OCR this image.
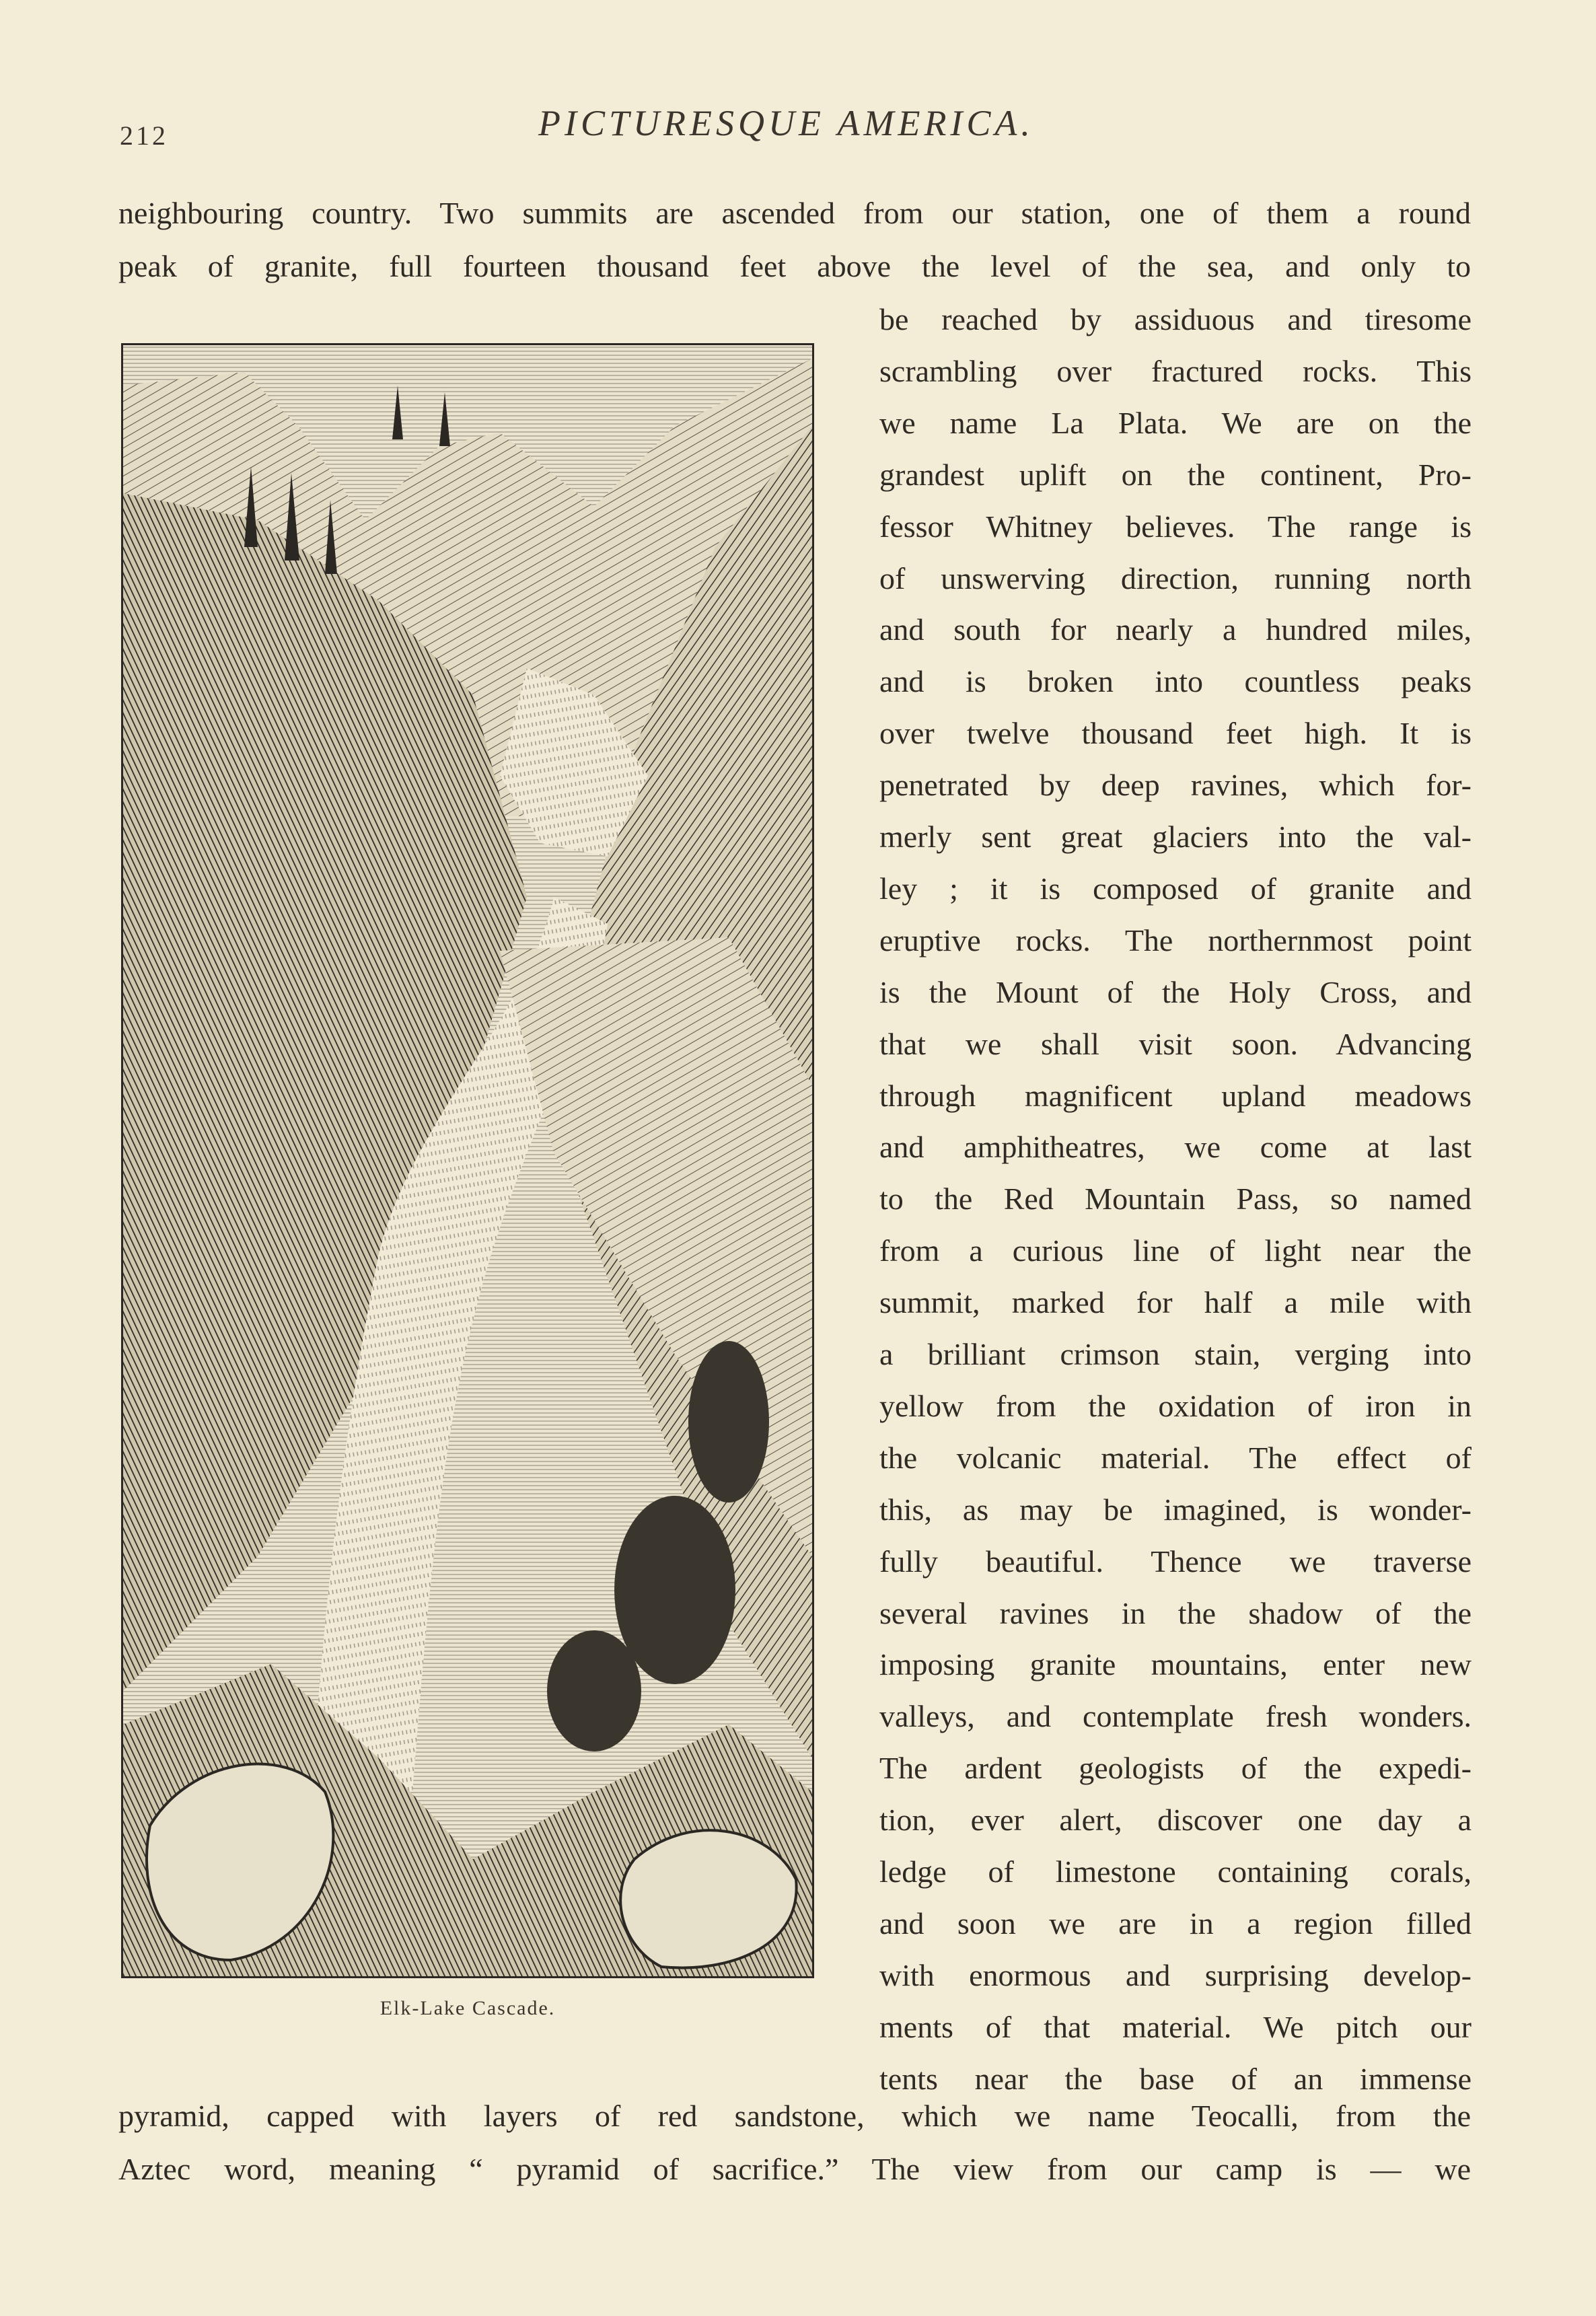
212	PICTURESQUE AMERICA.
neighbouring country. Two summits are ascended from our station, one of them a round
peak of granite, full fourteen thousand feet above the level of the sea, and only to
be reached by assiduous and tiresome
scrambling over fractured rocks. This
we name La Plata. We are on the
grandest uplift on the continent, Pro-
fessor Whitney believes. The range is
of unswerving direction, running north
and south for nearly a hundred miles,
and is broken into countless peaks
over twelve thousand feet high. It is
penetrated by deep ravines, which for-
merly sent great glaciers into the val-
ley ; it is composed of granite and
eruptive rocks. The northernmost point
is the Mount of the Holy Cross, and
that we shall visit soon. Advancing
through magnificent upland meadows
and amphitheatres, we come at last
to the Red Mountain Pass, so named
from a curious line of light near the
summit, marked for half a mile with
a brilliant crimson stain, verging into
yellow from the oxidation of iron in
the volcanic material. The effect of
this, as may be imagined, is wonder-
fully beautiful. Thence we traverse
several ravines in the shadow of the
imposing granite mountains, enter new
valleys, and contemplate fresh wonders.
The ardent geologists of the expedi-
tion, ever alert, discover one day a
ledge of limestone containing corals,
and soon we are in a region filled
with enormous and surprising develop-
ments of that material. We pitch our
tents near the base of an immense
Elk-Lake Cascade.
pyramid, capped with layers of red sandstone, which we name Teocalli, from the
Aztec word, meaning “ pyramid of sacrifice.” The view from our camp is — we
